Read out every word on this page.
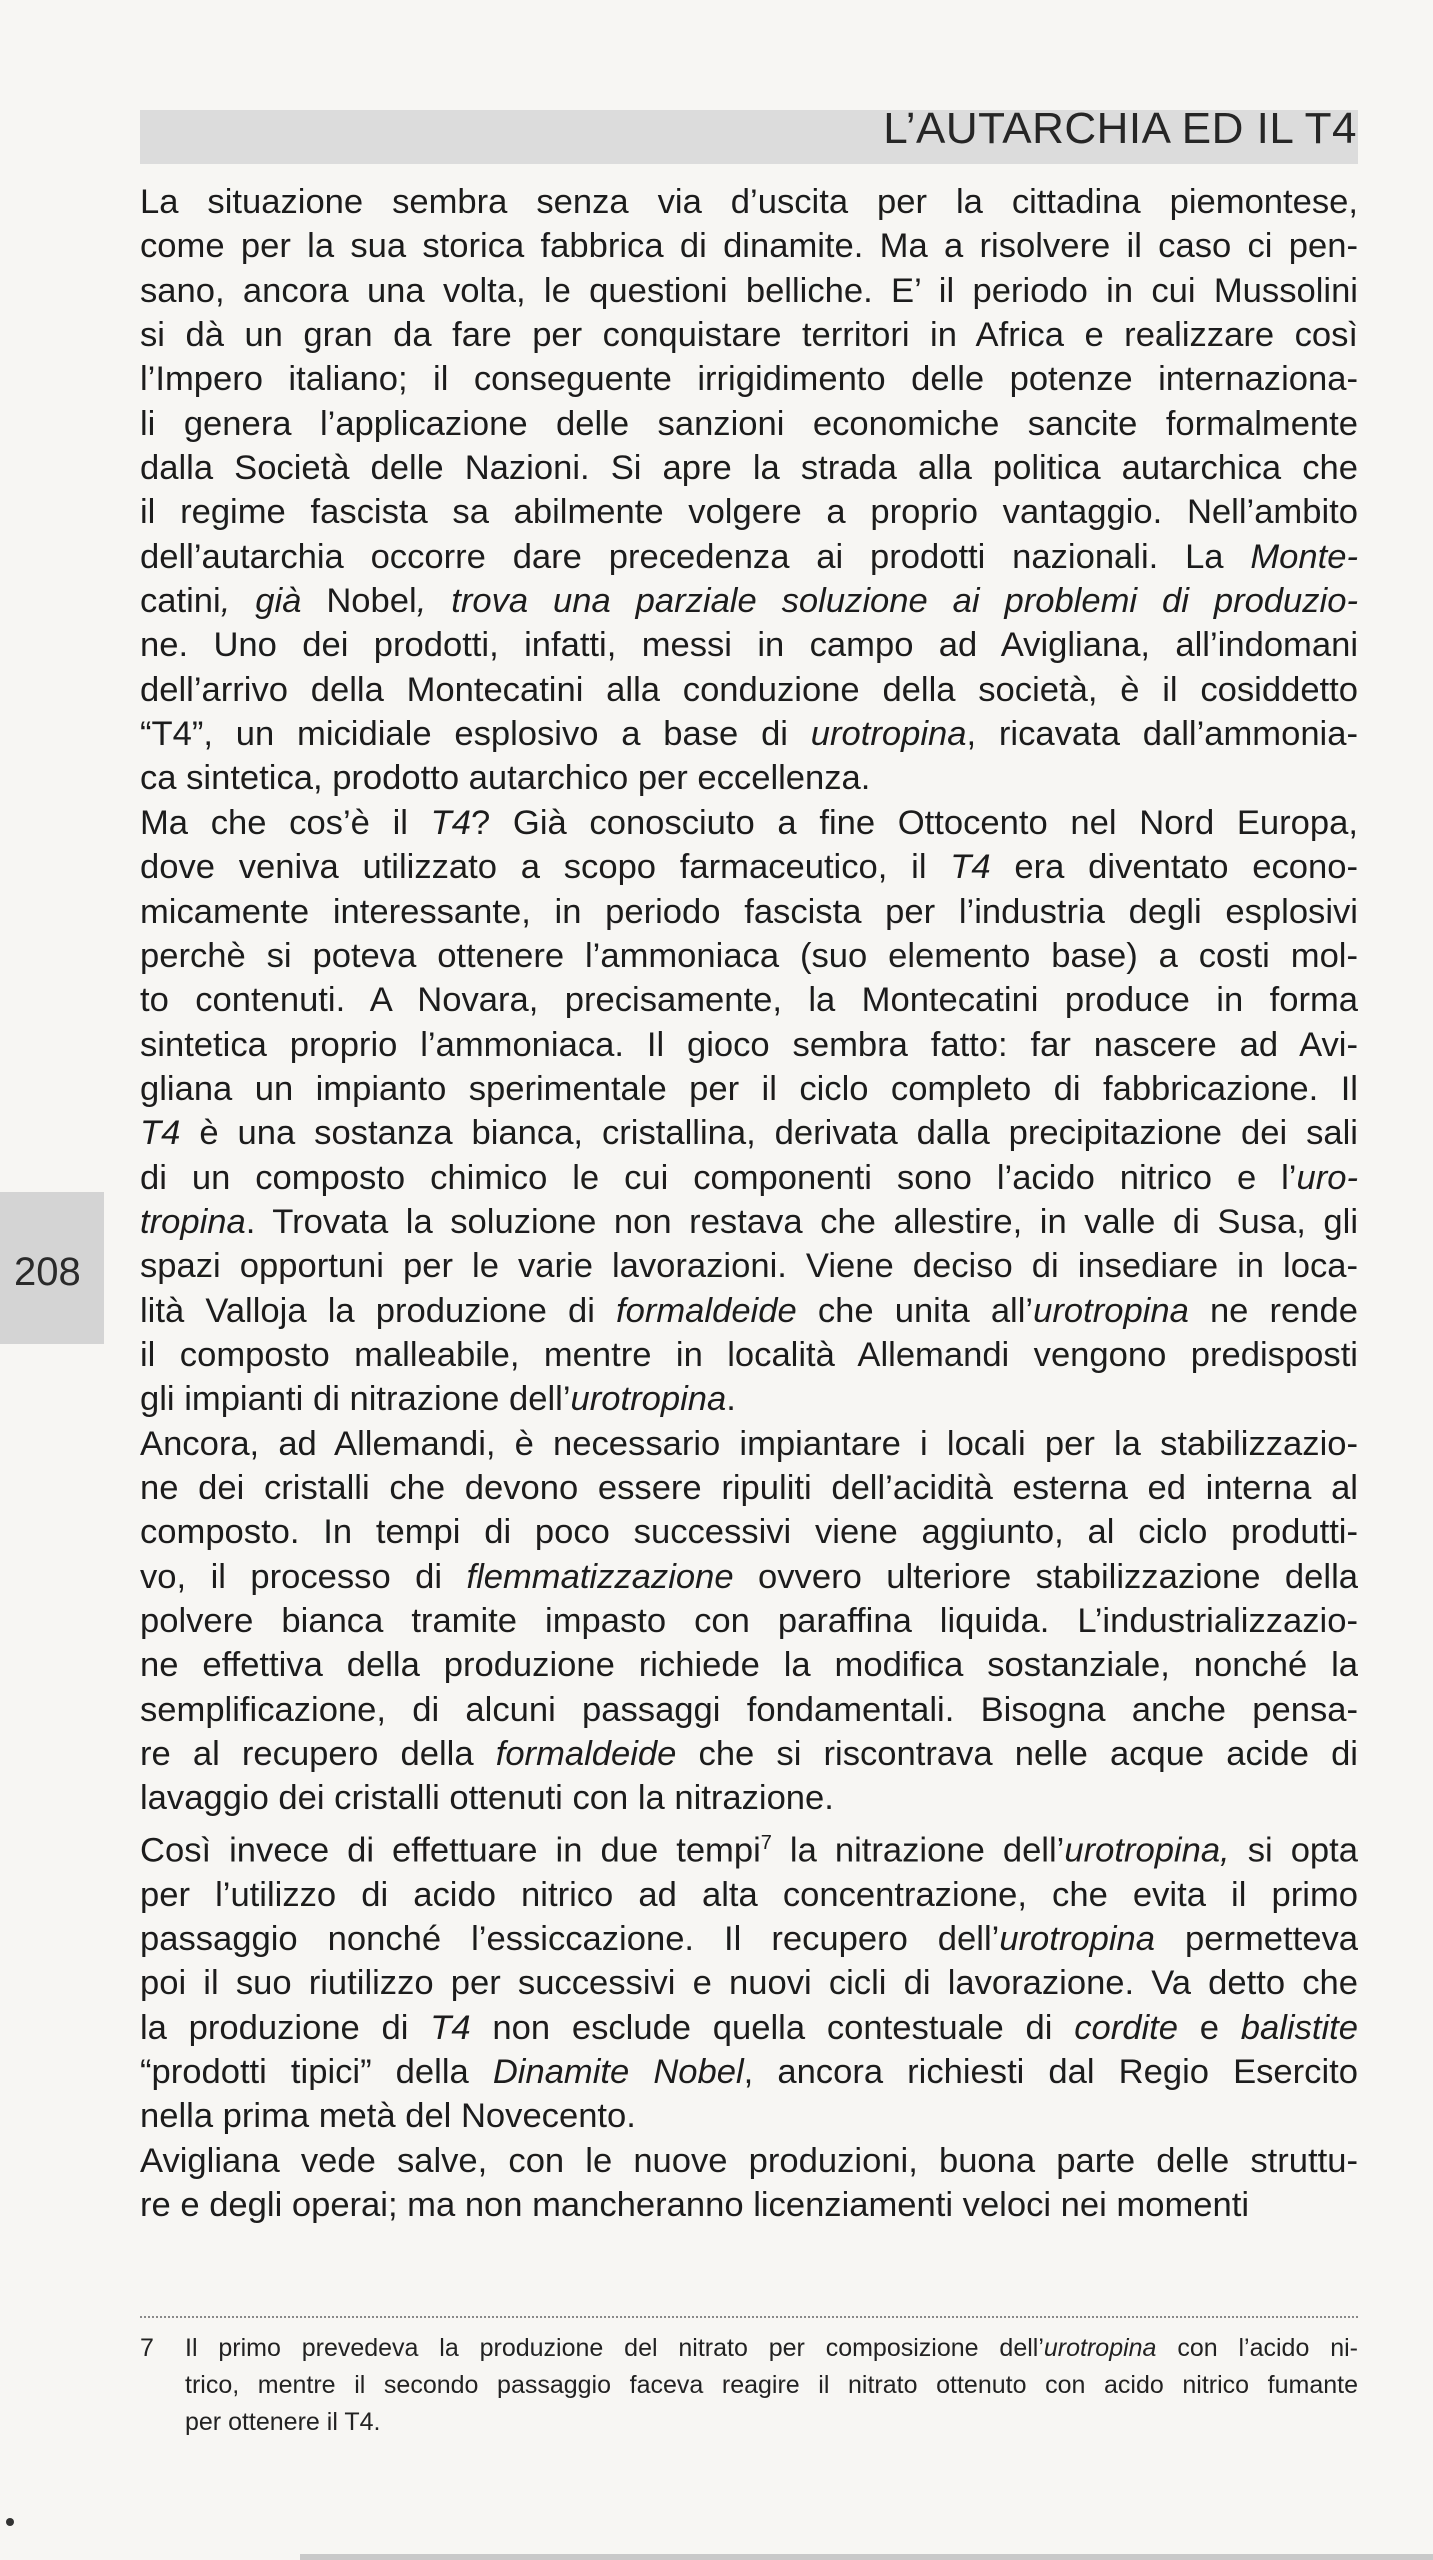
L’AUTARCHIA ED IL T4
208

La situazione sembra senza via d’uscita per la cittadina piemontese,
come per la sua storica fabbrica di dinamite. Ma a risolvere il caso ci pen-
sano, ancora una volta, le questioni belliche. E’ il periodo in cui Mussolini
si dà un gran da fare per conquistare territori in Africa e realizzare così
l’Impero italiano; il conseguente irrigidimento delle potenze internaziona-
li genera l’applicazione delle sanzioni economiche sancite formalmente
dalla Società delle Nazioni. Si apre la strada alla politica autarchica che
il regime fascista sa abilmente volgere a proprio vantaggio. Nell’ambito
dell’autarchia occorre dare precedenza ai prodotti nazionali. La Monte-
catini, già Nobel, trova una parziale soluzione ai problemi di produzio-
ne. Uno dei prodotti, infatti, messi in campo ad Avigliana, all’indomani
dell’arrivo della Montecatini alla conduzione della società, è il cosiddetto
“T4”, un micidiale esplosivo a base di urotropina, ricavata dall’ammonia-
ca sintetica, prodotto autarchico per eccellenza.

Ma che cos’è il T4? Già conosciuto a fine Ottocento nel Nord Europa,
dove veniva utilizzato a scopo farmaceutico, il T4 era diventato econo-
micamente interessante, in periodo fascista per l’industria degli esplosivi
perchè si poteva ottenere l’ammoniaca (suo elemento base) a costi mol-
to contenuti. A Novara, precisamente, la Montecatini produce in forma
sintetica proprio l’ammoniaca. Il gioco sembra fatto: far nascere ad Avi-
gliana un impianto sperimentale per il ciclo completo di fabbricazione. Il
T4 è una sostanza bianca, cristallina, derivata dalla precipitazione dei sali
di un composto chimico le cui componenti sono l’acido nitrico e l’uro-
tropina. Trovata la soluzione non restava che allestire, in valle di Susa, gli
spazi opportuni per le varie lavorazioni. Viene deciso di insediare in loca-
lità Valloja la produzione di formaldeide che unita all’urotropina ne rende
il composto malleabile, mentre in località Allemandi vengono predisposti
gli impianti di nitrazione dell’urotropina.

Ancora, ad Allemandi, è necessario impiantare i locali per la stabilizzazio-
ne dei cristalli che devono essere ripuliti dell’acidità esterna ed interna al
composto. In tempi di poco successivi viene aggiunto, al ciclo produtti-
vo, il processo di flemmatizzazione ovvero ulteriore stabilizzazione della
polvere bianca tramite impasto con paraffina liquida. L’industrializzazio-
ne effettiva della produzione richiede la modifica sostanziale, nonché la
semplificazione, di alcuni passaggi fondamentali. Bisogna anche pensa-
re al recupero della formaldeide che si riscontrava nelle acque acide di
lavaggio dei cristalli ottenuti con la nitrazione.

Così invece di effettuare in due tempi$^7$ la nitrazione dell’urotropina, si opta
per l’utilizzo di acido nitrico ad alta concentrazione, che evita il primo
passaggio nonché l’essiccazione. Il recupero dell’urotropina permetteva
poi il suo riutilizzo per successivi e nuovi cicli di lavorazione. Va detto che
la produzione di T4 non esclude quella contestuale di cordite e balistite
“prodotti tipici” della Dinamite Nobel, ancora richiesti dal Regio Esercito
nella prima metà del Novecento.

Avigliana vede salve, con le nuove produzioni, buona parte delle struttu-
re e degli operai; ma non mancheranno licenziamenti veloci nei momenti

7 Il primo prevedeva la produzione del nitrato per composizione dell’urotropina con l’acido ni-
trico, mentre il secondo passaggio faceva reagire il nitrato ottenuto con acido nitrico fumante
per ottenere il T4.
